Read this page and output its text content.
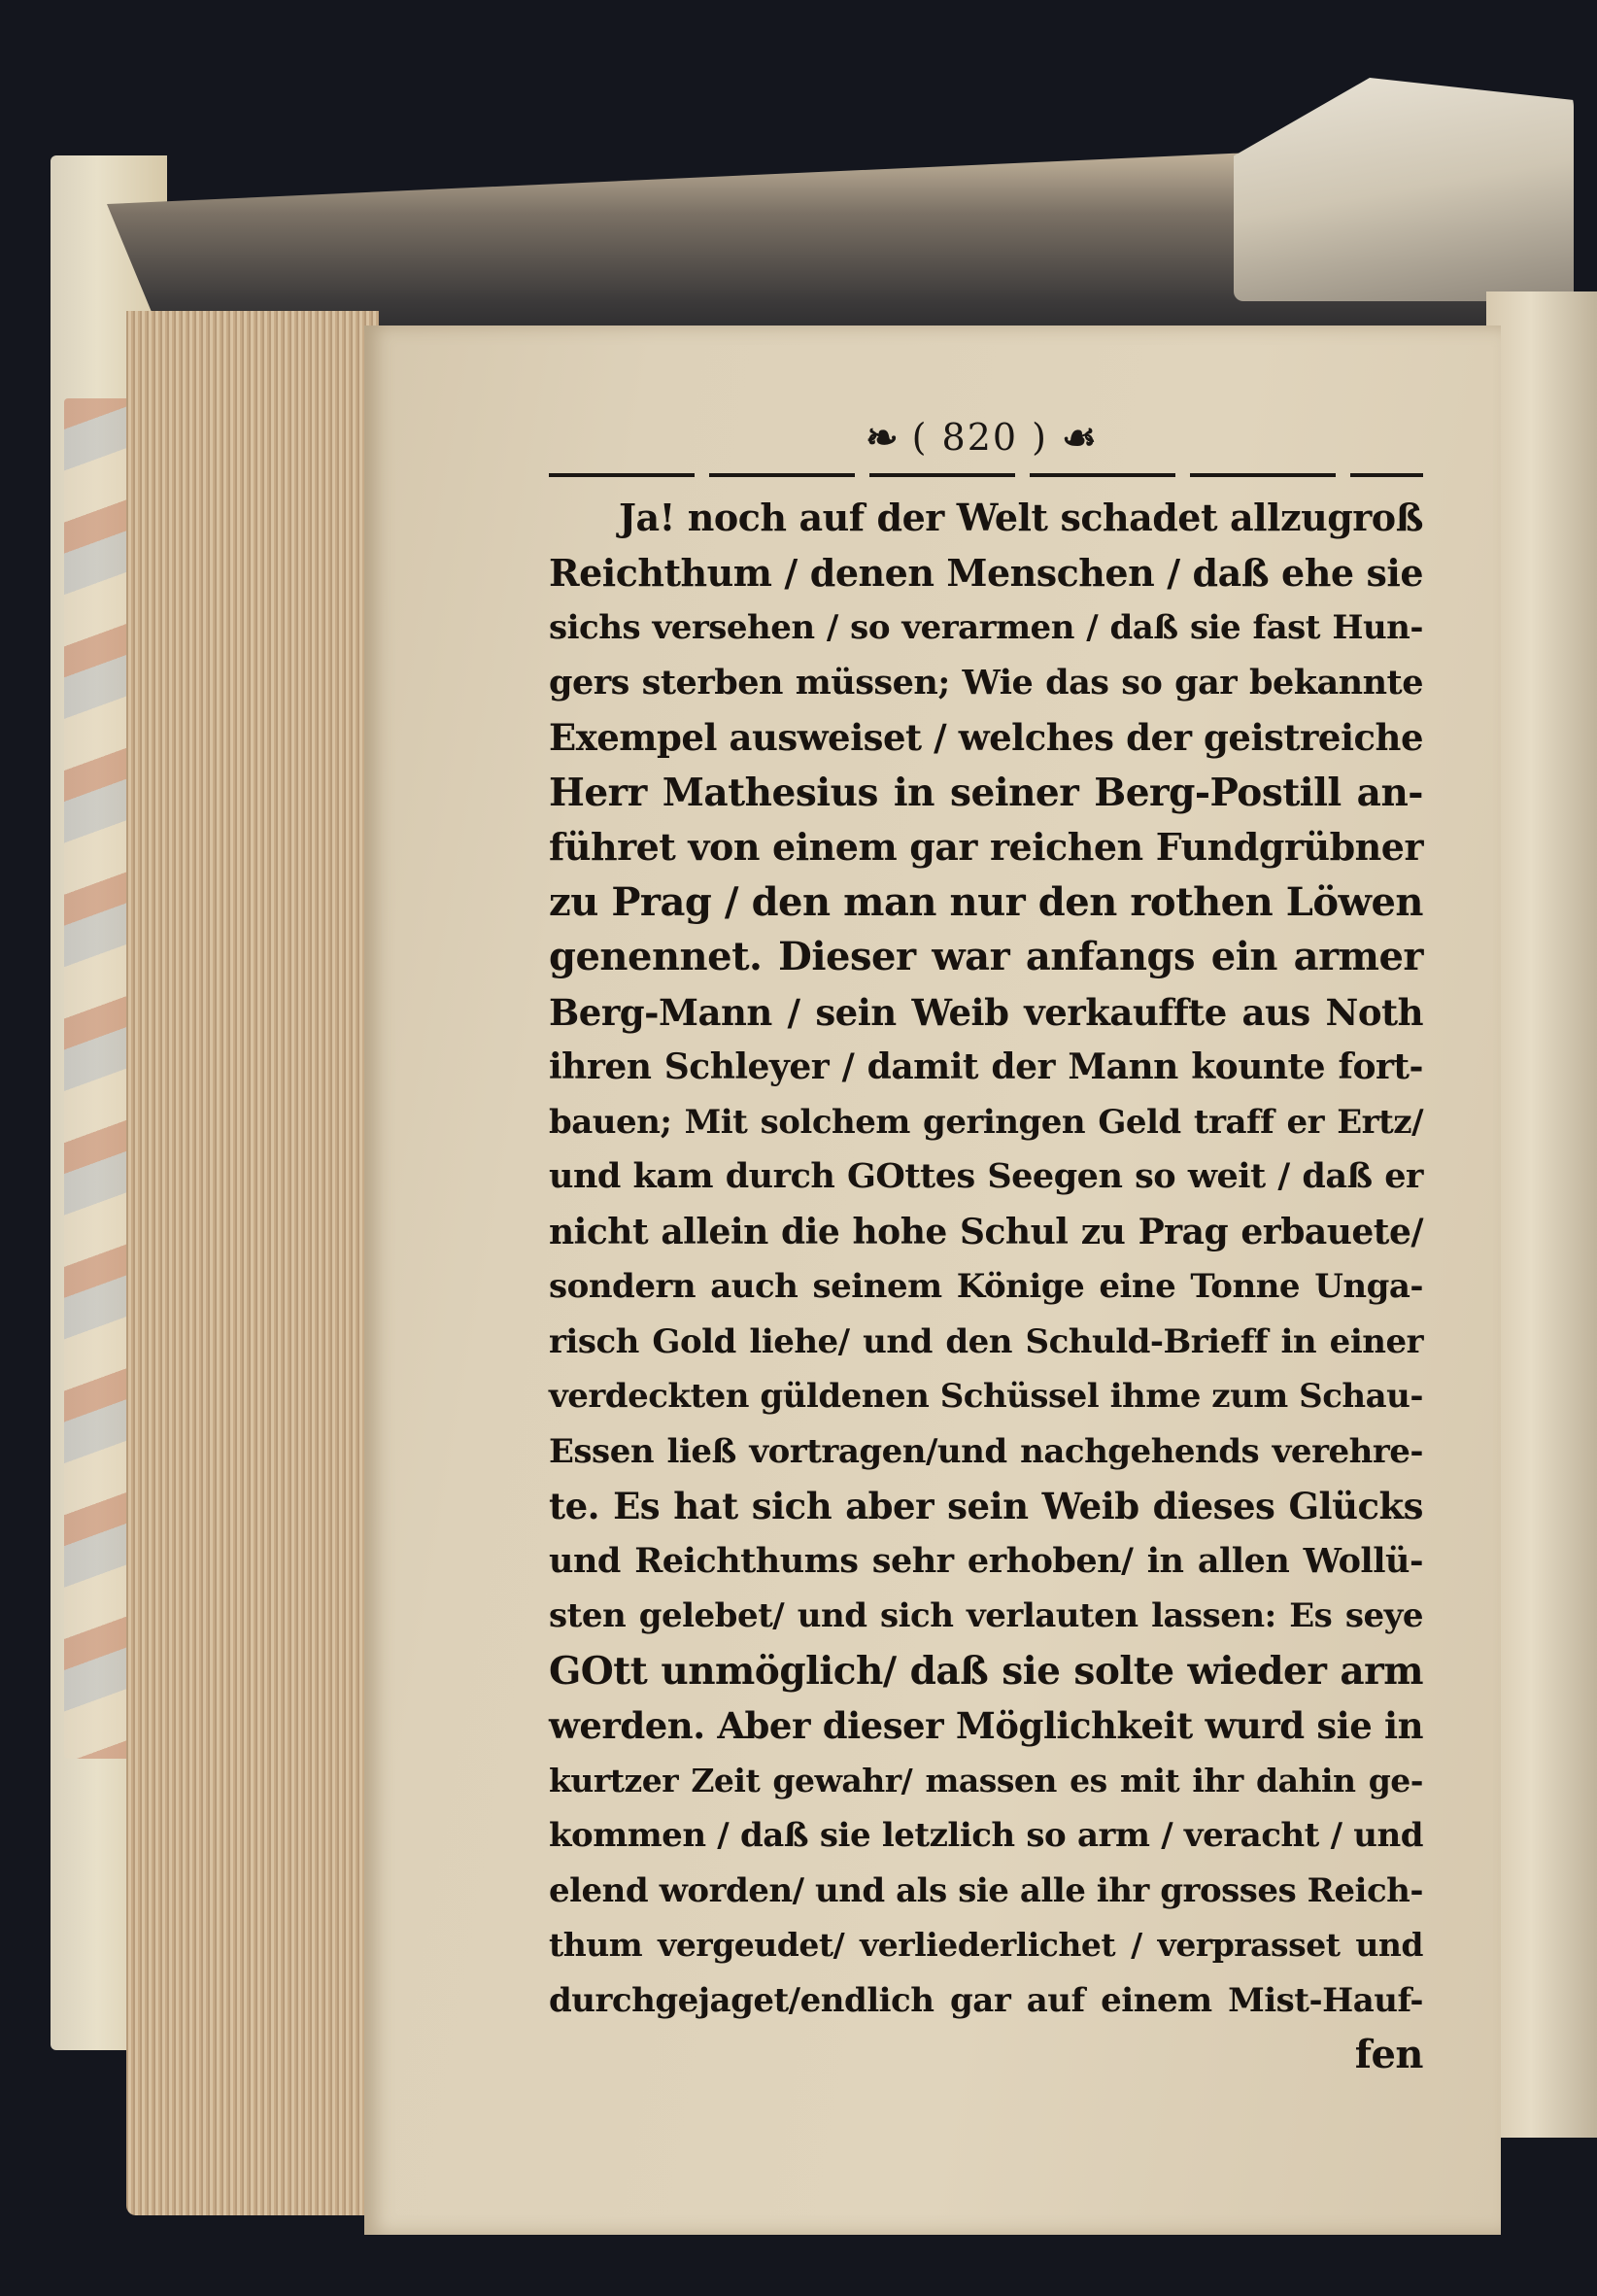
❧ ( 820 ) ☙
Ja! noch auf der Welt schadet allzugroß
Reichthum / denen Menschen / daß ehe sie
sichs versehen / so verarmen / daß sie fast Hun-
gers sterben müssen; Wie das so gar bekannte
Exempel ausweiset / welches der geistreiche
Herr Mathesius in seiner Berg-Postill an-
führet von einem gar reichen Fundgrübner
zu Prag / den man nur den rothen Löwen
genennet. Dieser war anfangs ein armer
Berg-Mann / sein Weib verkauffte aus Noth
ihren Schleyer / damit der Mann kounte fort-
bauen; Mit solchem geringen Geld traff er Ertz/
und kam durch GOttes Seegen so weit / daß er
nicht allein die hohe Schul zu Prag erbauete/
sondern auch seinem Könige eine Tonne Unga-
risch Gold liehe/ und den Schuld-Brieff in einer
verdeckten güldenen Schüssel ihme zum Schau-
Essen ließ vortragen/und nachgehends verehre-
te. Es hat sich aber sein Weib dieses Glücks
und Reichthums sehr erhoben/ in allen Wollü-
sten gelebet/ und sich verlauten lassen: Es seye
GOtt unmöglich/ daß sie solte wieder arm
werden. Aber dieser Möglichkeit wurd sie in
kurtzer Zeit gewahr/ massen es mit ihr dahin ge-
kommen / daß sie letzlich so arm / veracht / und
elend worden/ und als sie alle ihr grosses Reich-
thum vergeudet/ verliederlichet / verprasset und
durchgejaget/endlich gar auf einem Mist-Hauf-
fen
